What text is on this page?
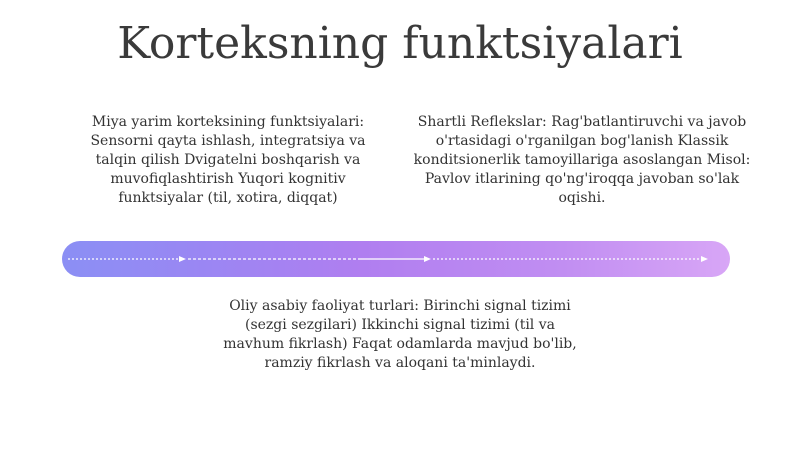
Korteksning funktsiyalari
Miya yarim korteksining funktsiyalari: Sensorni qayta ishlash, integratsiya va talqin qilish Dvigatelni boshqarish va muvofiqlashtirish Yuqori kognitiv funktsiyalar (til, xotira, diqqat)
Shartli Reflekslar: Rag'batlantiruvchi va javob o'rtasidagi o'rganilgan bog'lanish Klassik konditsionerlik tamoyillariga asoslangan Misol: Pavlov itlarining qo'ng'iroqqa javoban so'lak oqishi.
Oliy asabiy faoliyat turlari: Birinchi signal tizimi (sezgi sezgilari) Ikkinchi signal tizimi (til va mavhum fikrlash) Faqat odamlarda mavjud bo'lib, ramziy fikrlash va aloqani ta'minlaydi.
